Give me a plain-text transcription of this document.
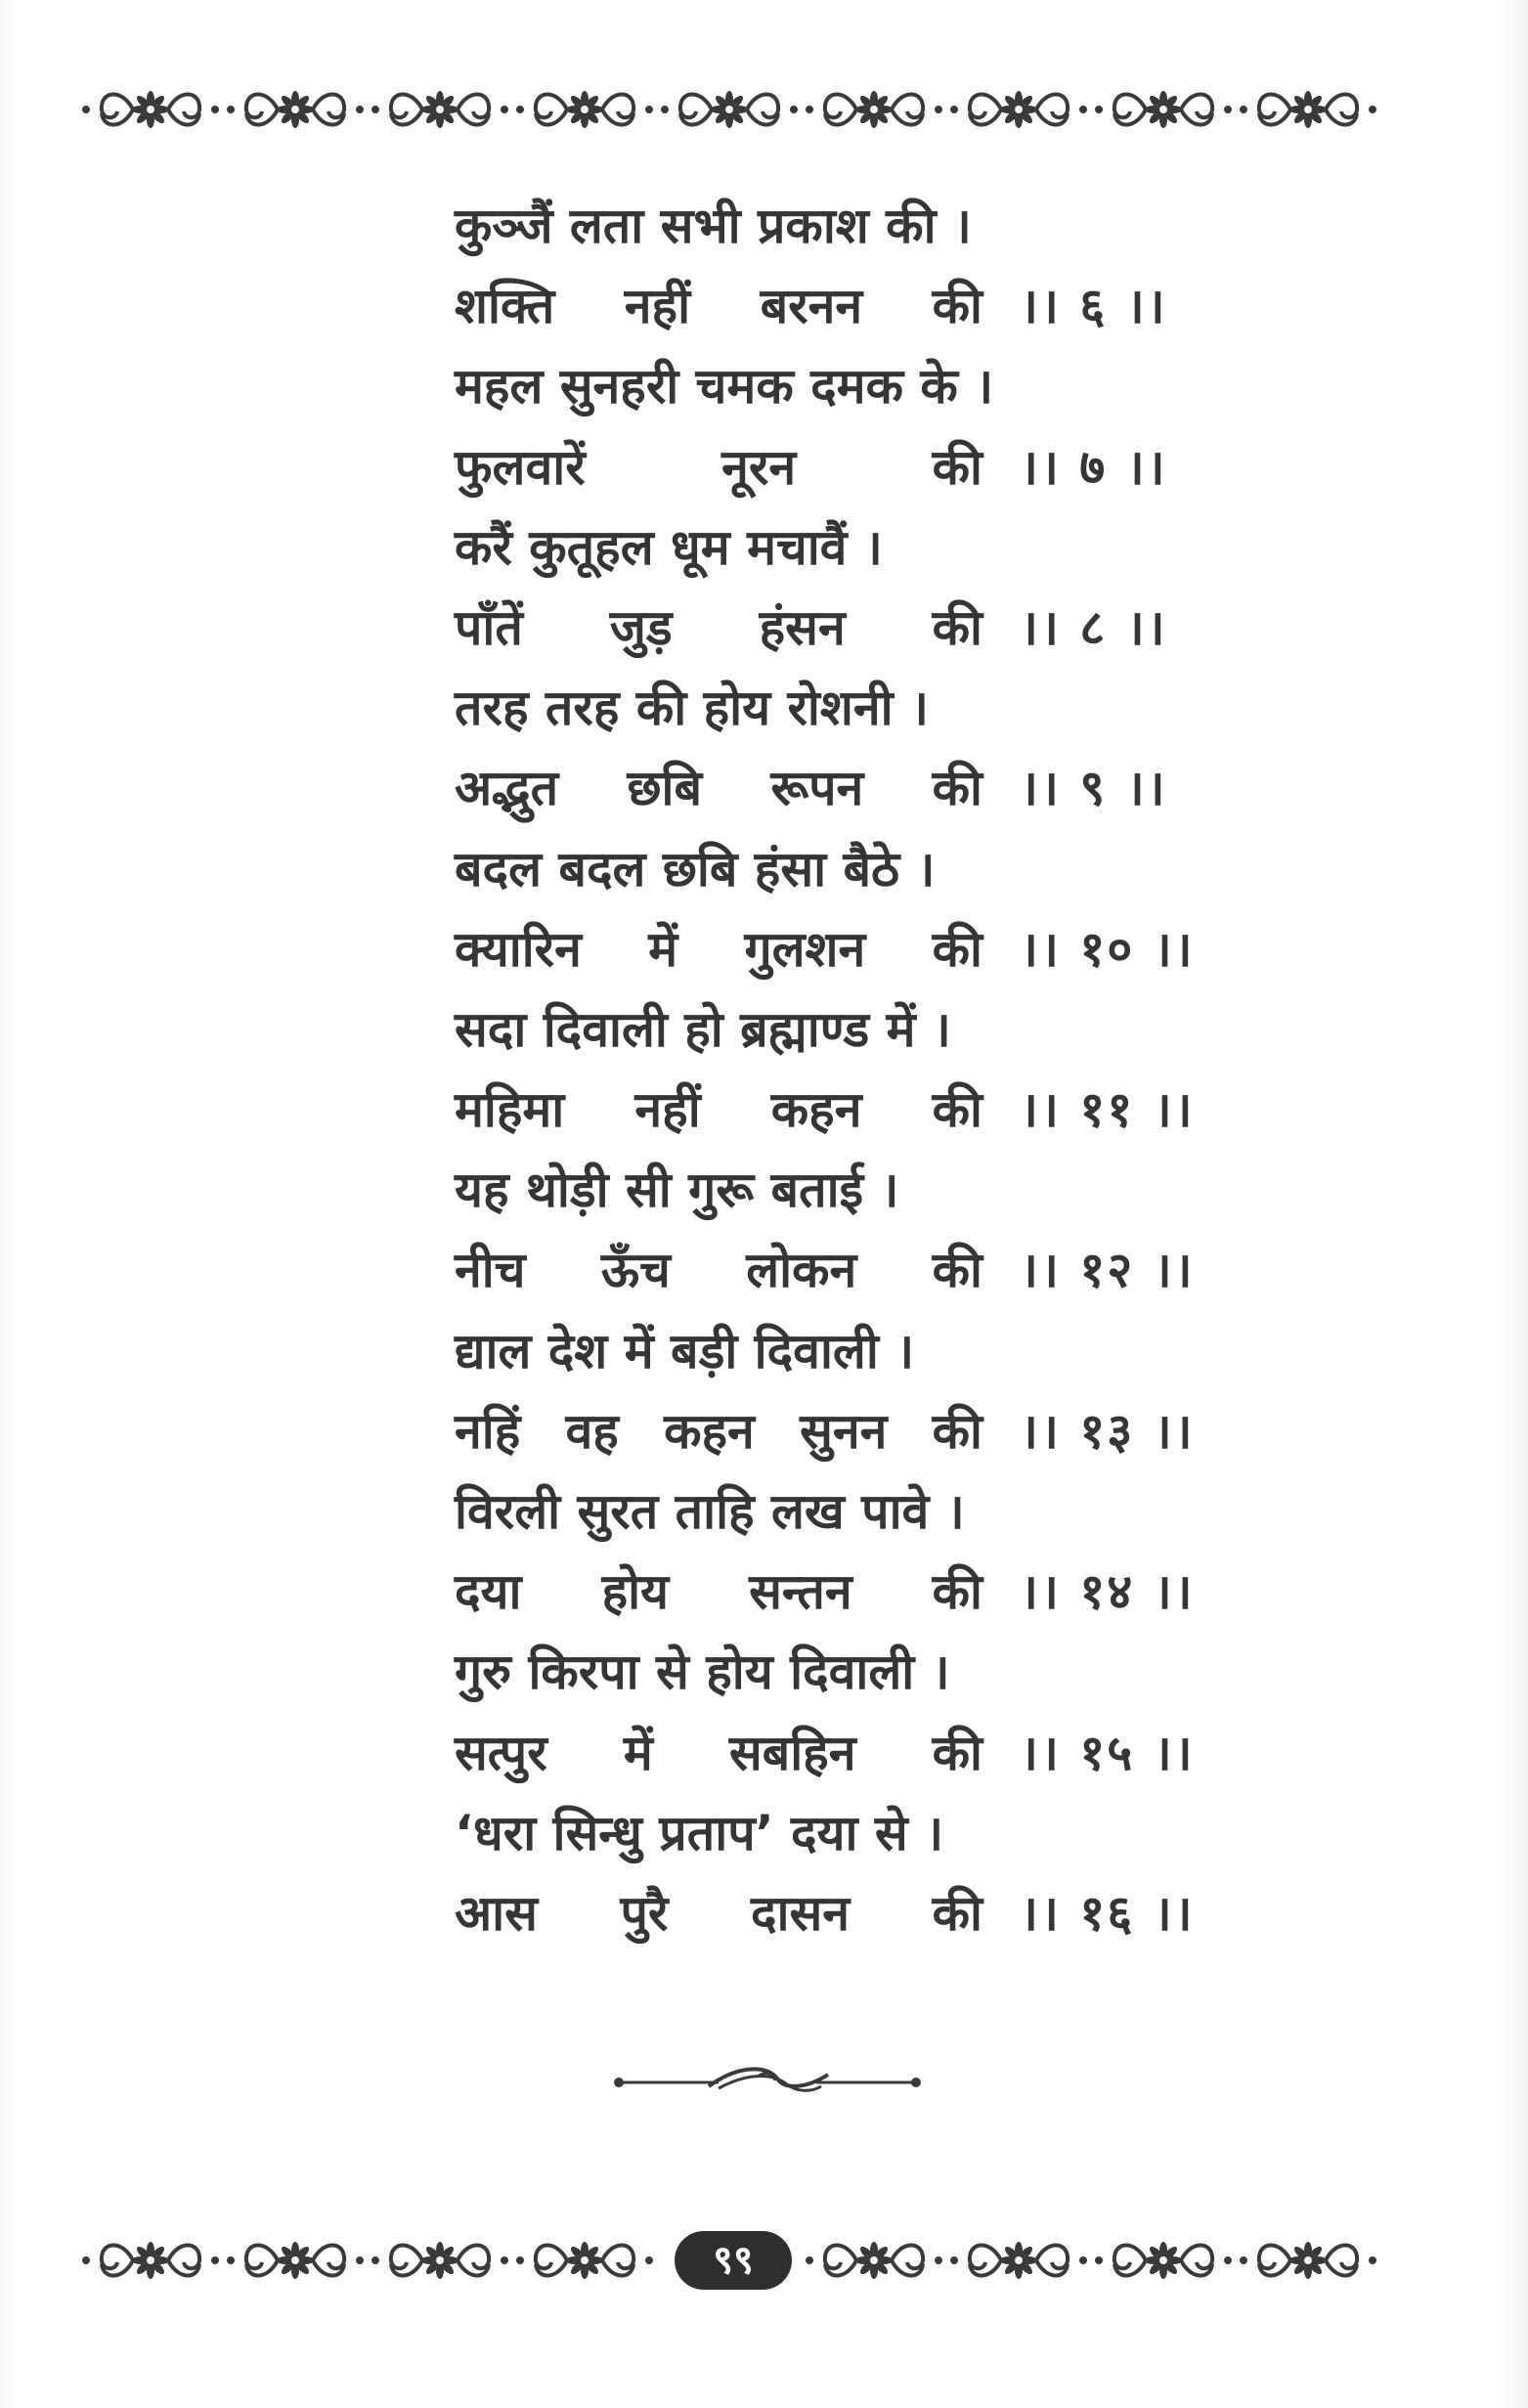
कुञ्जैं लता सभी प्रकाश की ।
शक्ति नहीं बरनन की ।। ६ ।।
महल सुनहरी चमक दमक के ।
फुलवारें	नूरन	की ।। ७ ।।
करैं कुतूहल धूम मचावैं ।
पाँतें जुड़ हंसन की ।। ८ ।।
तरह तरह की होय रोशनी ।
अद्भुत छबि रूपन की ।। ९ ।।
बदल बदल छबि हंसा बैठे ।
क्यारिन में गुलशन की ।। १० ।।
सदा दिवाली हो ब्रह्माण्ड में ।
महिमा नहीं कहन की ।। ११ ।।
यह थोड़ी सी गुरू बताई ।
नीच ऊँच लोकन की ।। १२ ।।
द्याल देश में बड़ी दिवाली ।
नहिं वह कहन सुनन की ।। १३ ।।
विरली सुरत ताहि लख पावे ।
दया होय सन्तन की ।। १४ ।।
गुरु किरपा से होय दिवाली ।
सत्पुर में सबहिन की ।। १५ ।।
‘धरा सिन्धु प्रताप’ दया से ।
आस पुरै दासन की ।। १६ ।।
९९
